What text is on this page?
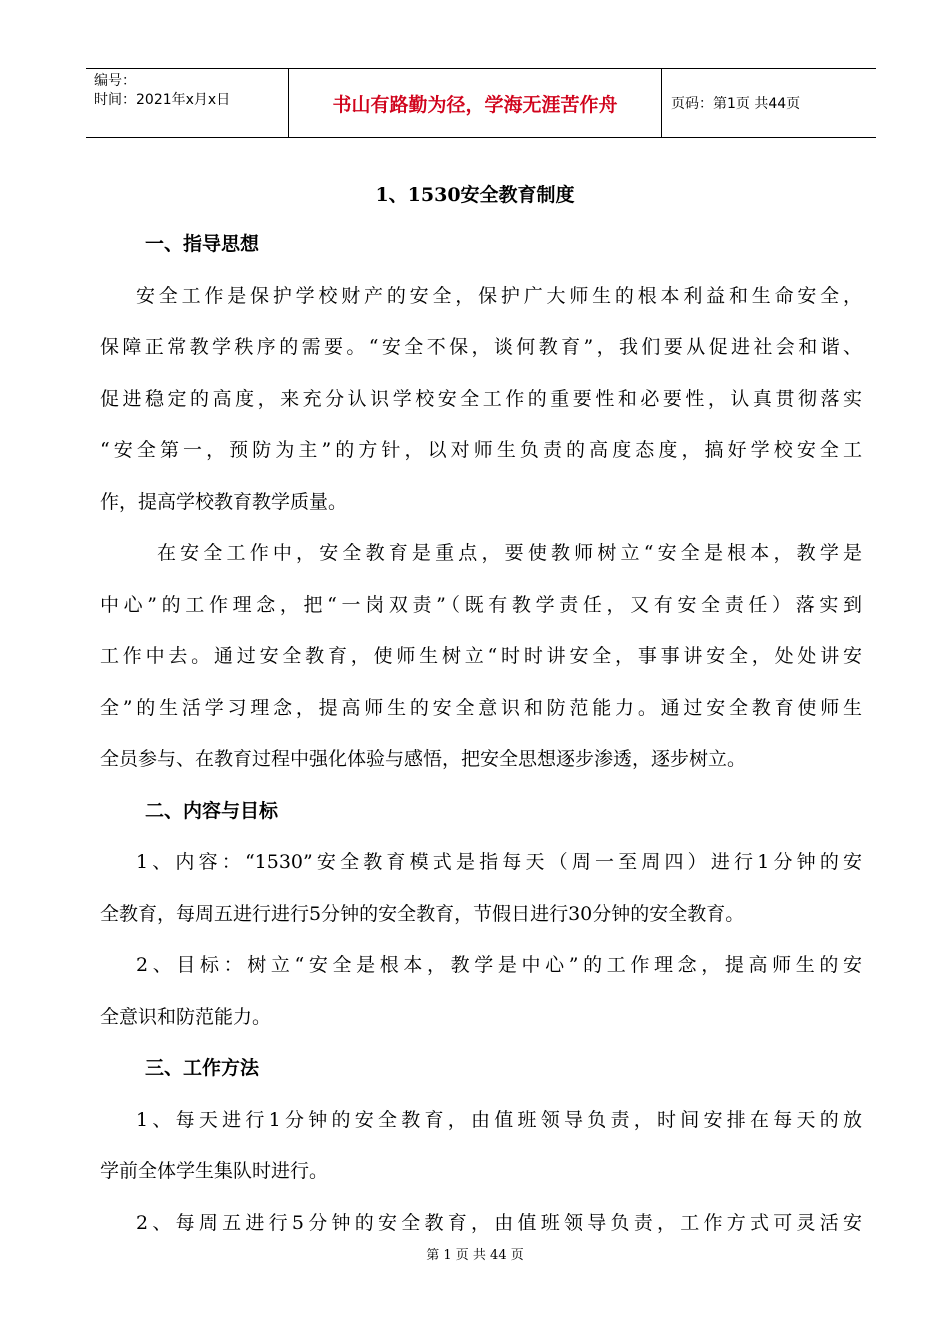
编号：
时间：2021年x月x日	书山有路勤为径，学海无涯苦作舟	页码：第1页 共44页
1、1530安全教育制度
一、指导思想
安全工作是保护学校财产的安全，保护广大师生的根本利益和生命安全，
保障正常教学秩序的需要。“安全不保，谈何教育”，我们要从促进社会和谐、
促进稳定的高度，来充分认识学校安全工作的重要性和必要性，认真贯彻落实
“安全第一，预防为主”的方针，以对师生负责的高度态度，搞好学校安全工
作，提高学校教育教学质量。
在安全工作中，安全教育是重点，要使教师树立“安全是根本，教学是
中心”的工作理念，把“一岗双责”（既有教学责任，又有安全责任）落实到
工作中去。通过安全教育，使师生树立“时时讲安全，事事讲安全，处处讲安
全”的生活学习理念，提高师生的安全意识和防范能力。通过安全教育使师生
全员参与、在教育过程中强化体验与感悟，把安全思想逐步渗透，逐步树立。
二、内容与目标
1、内容：“1530”安全教育模式是指每天（周一至周四）进行1分钟的安
全教育，每周五进行进行5分钟的安全教育，节假日进行30分钟的安全教育。
2、目标：树立“安全是根本，教学是中心”的工作理念，提高师生的安
全意识和防范能力。
三、工作方法
1、每天进行1分钟的安全教育，由值班领导负责，时间安排在每天的放
学前全体学生集队时进行。
2、每周五进行5分钟的安全教育，由值班领导负责，工作方式可灵活安
第 1 页 共 44 页
